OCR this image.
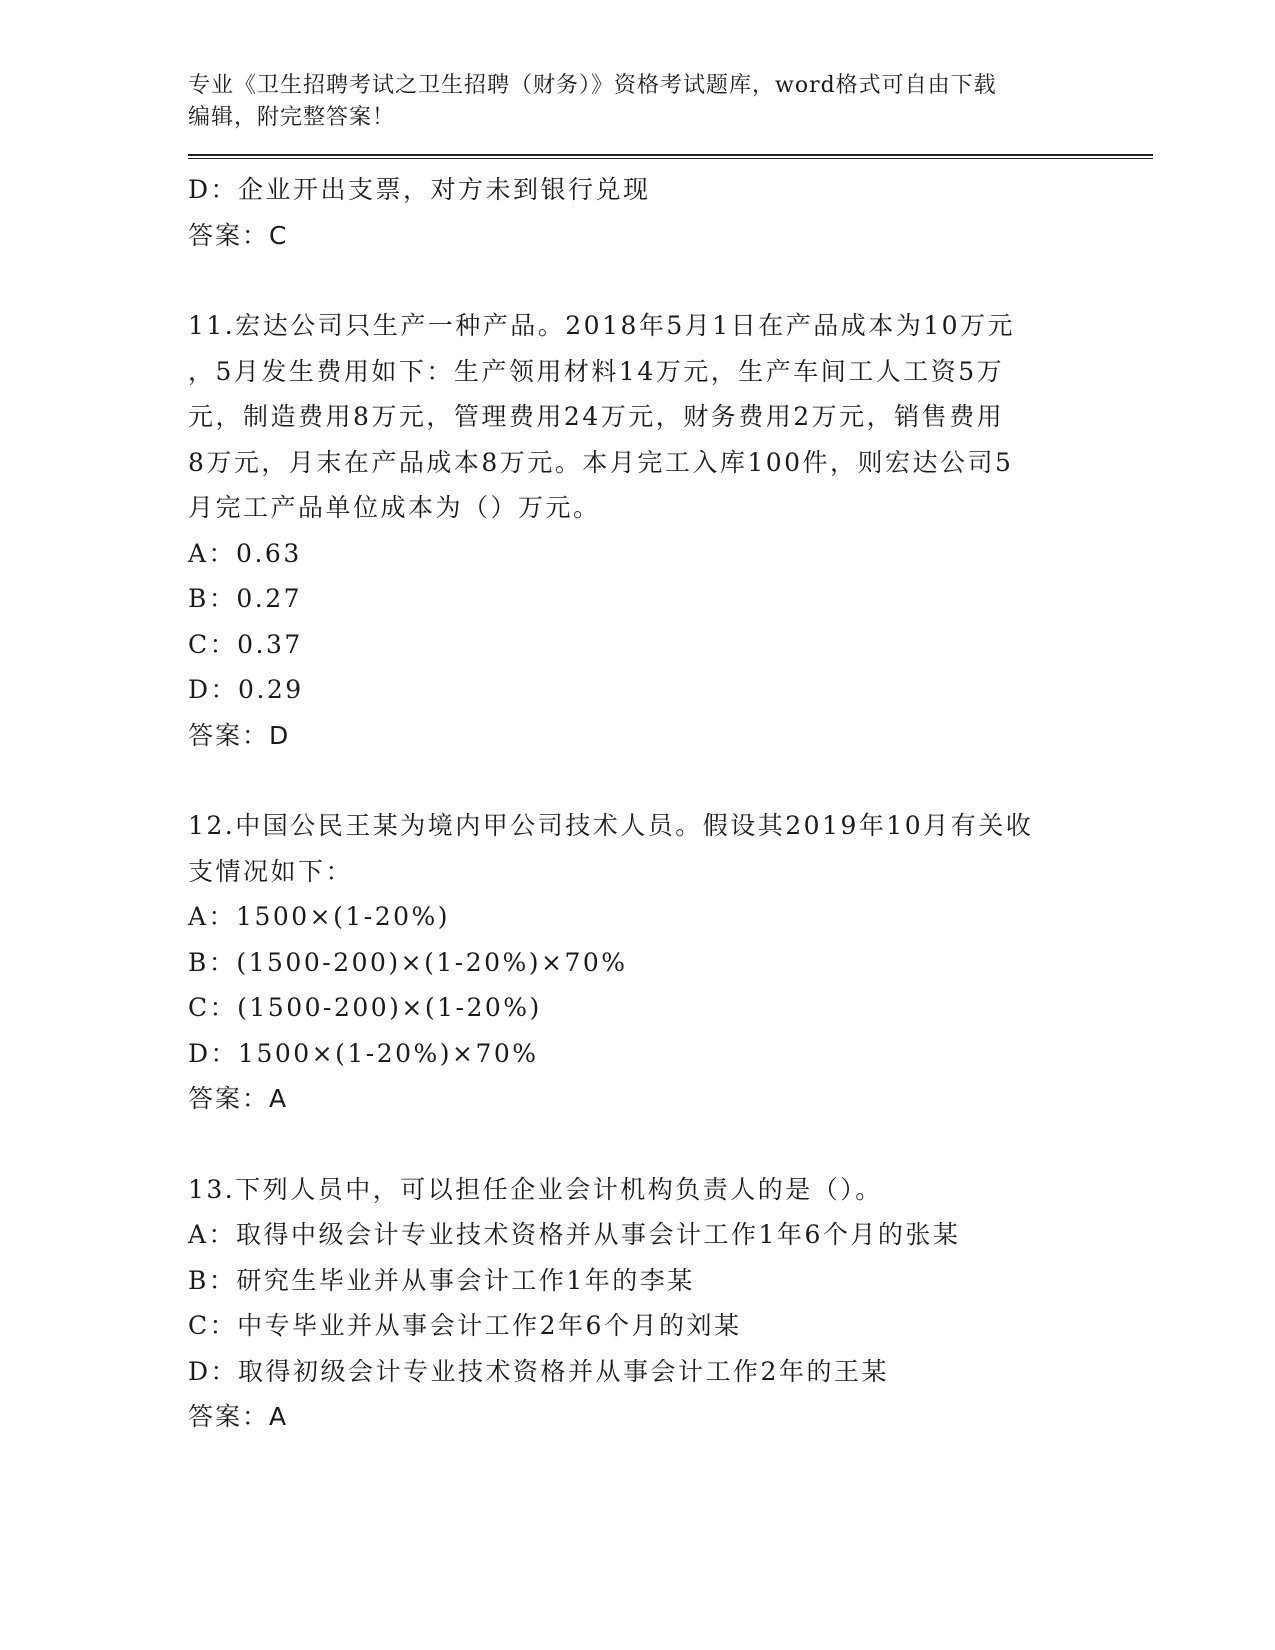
专业《卫生招聘考试之卫生招聘（财务）》资格考试题库，word格式可自由下载
编辑，附完整答案！
D：企业开出支票，对方未到银行兑现
答案：C
11.宏达公司只生产一种产品。2018年5月1日在产品成本为10万元
，5月发生费用如下：生产领用材料14万元，生产车间工人工资5万
元，制造费用8万元，管理费用24万元，财务费用2万元，销售费用
8万元，月末在产品成本8万元。本月完工入库100件，则宏达公司5
月完工产品单位成本为（）万元。
A：0.63
B：0.27
C：0.37
D：0.29
答案：D
12.中国公民王某为境内甲公司技术人员。假设其2019年10月有关收
支情况如下：
A：1500×(1-20%)
B：(1500-200)×(1-20%)×70%
C：(1500-200)×(1-20%)
D：1500×(1-20%)×70%
答案：A
13.下列人员中，可以担任企业会计机构负责人的是（）。
A：取得中级会计专业技术资格并从事会计工作1年6个月的张某
B：研究生毕业并从事会计工作1年的李某
C：中专毕业并从事会计工作2年6个月的刘某
D：取得初级会计专业技术资格并从事会计工作2年的王某
答案：A
